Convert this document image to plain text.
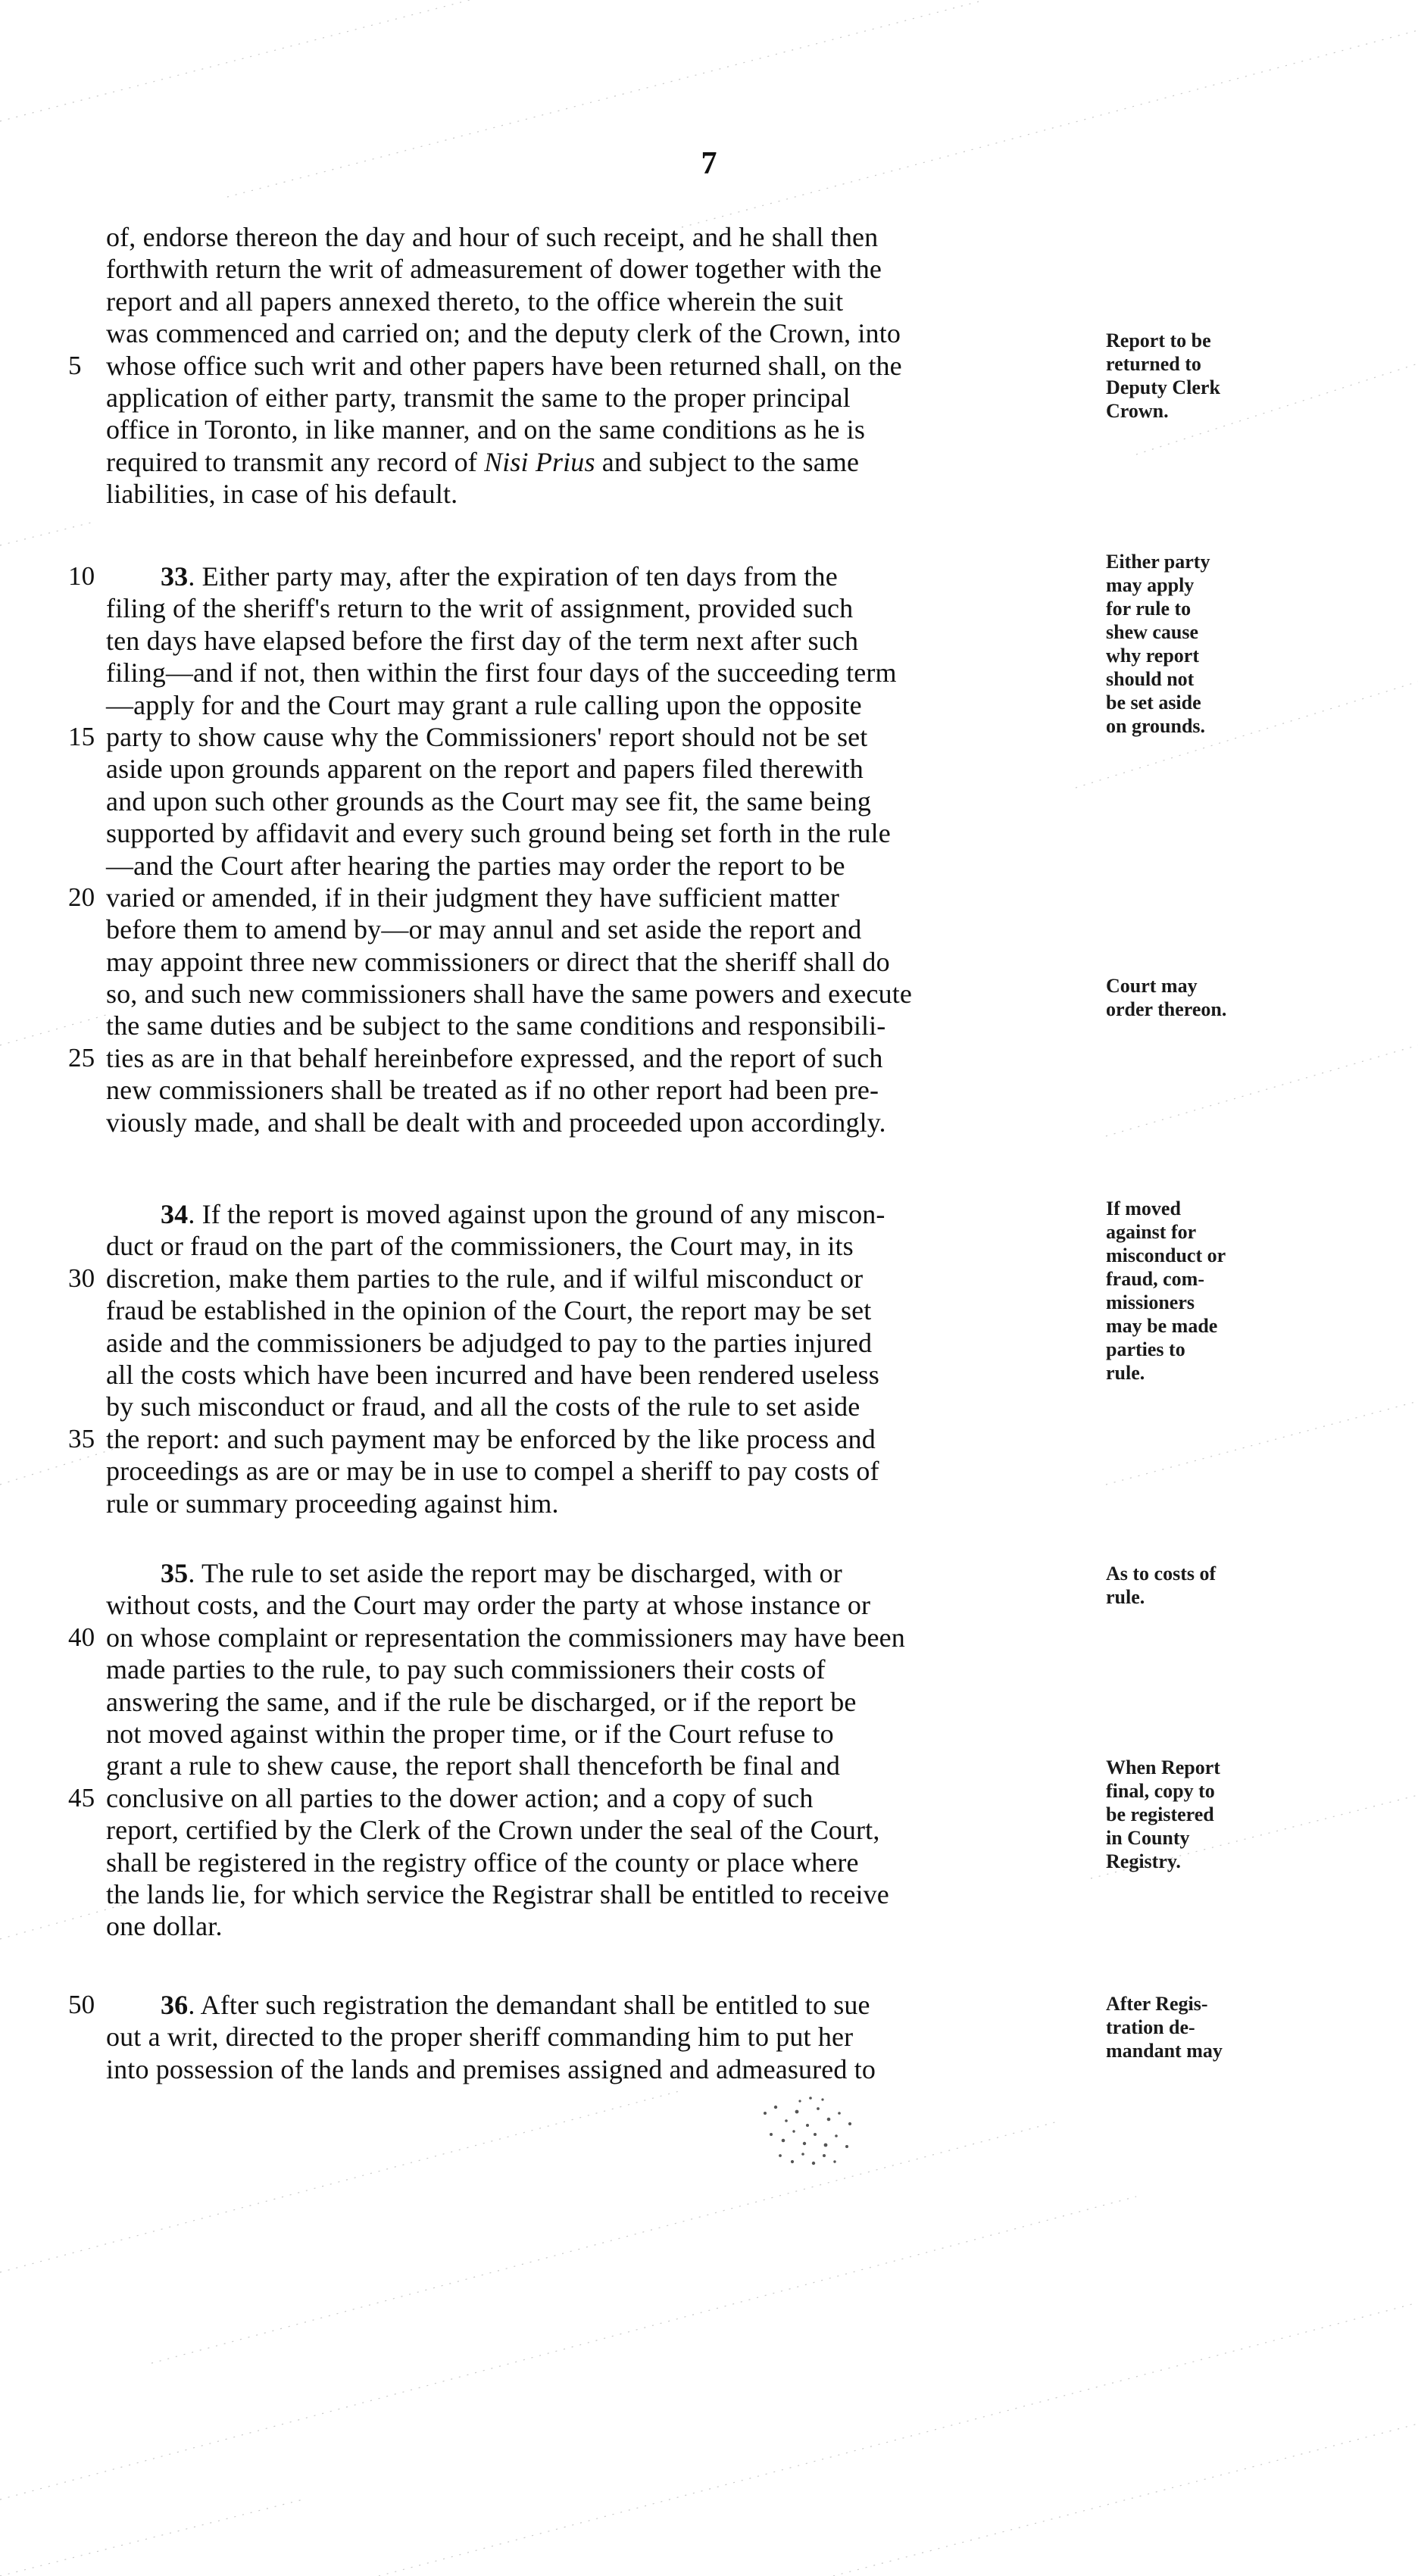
7
of, endorse thereon the day and hour of such receipt, and he shall then
forthwith return the writ of admeasurement of dower together with the
report and all papers annexed thereto, to the office wherein the suit
was commenced and carried on; and the deputy clerk of the Crown, into
5 whose office such writ and other papers have been returned shall, on the
application of either party, transmit the same to the proper principal
office in Toronto, in like manner, and on the same conditions as he is
required to transmit any record of Nisi Prius and subject to the same
liabilities, in case of his default.
10	33. Either party may, after the expiration of ten days from the
filing of the sheriff's return to the writ of assignment, provided such
ten days have elapsed before the first day of the term next after such
filing—and if not, then within the first four days of the succeeding term
—apply for and the Court may grant a rule calling upon the opposite
15 party to show cause why the Commissioners' report should not be set
aside upon grounds apparent on the report and papers filed therewith
and upon such other grounds as the Court may see fit, the same being
supported by affidavit and every such ground being set forth in the rule
—and the Court after hearing the parties may order the report to be
20 varied or amended, if in their judgment they have sufficient matter
before them to amend by—or may annul and set aside the report and
may appoint three new commissioners or direct that the sheriff shall do
so, and such new commissioners shall have the same powers and execute
the same duties and be subject to the same conditions and responsibili-
25 ties as are in that behalf hereinbefore expressed, and the report of such
new commissioners shall be treated as if no other report had been pre-
viously made, and shall be dealt with and proceeded upon accordingly.
34. If the report is moved against upon the ground of any miscon-
duct or fraud on the part of the commissioners, the Court may, in its
30 discretion, make them parties to the rule, and if wilful misconduct or
fraud be established in the opinion of the Court, the report may be set
aside and the commissioners be adjudged to pay to the parties injured
all the costs which have been incurred and have been rendered useless
by such misconduct or fraud, and all the costs of the rule to set aside
35 the report: and such payment may be enforced by the like process and
proceedings as are or may be in use to compel a sheriff to pay costs of
rule or summary proceeding against him.
35. The rule to set aside the report may be discharged, with or
without costs, and the Court may order the party at whose instance or
40 on whose complaint or representation the commissioners may have been
made parties to the rule, to pay such commissioners their costs of
answering the same, and if the rule be discharged, or if the report be
not moved against within the proper time, or if the Court refuse to
grant a rule to shew cause, the report shall thenceforth be final and
45 conclusive on all parties to the dower action; and a copy of such
report, certified by the Clerk of the Crown under the seal of the Court,
shall be registered in the registry office of the county or place where
the lands lie, for which service the Registrar shall be entitled to receive
one dollar.
50	36. After such registration the demandant shall be entitled to sue
out a writ, directed to the proper sheriff commanding him to put her
into possession of the lands and premises assigned and admeasured to
Report to be
returned to
Deputy Clerk
Crown.
Either party
may apply
for rule to
shew cause
why report
should not
be set aside
on grounds.
Court may
order thereon.
If moved
against for
misconduct or
fraud, com-
missioners
may be made
parties to
rule.
As to costs of
rule.
When Report
final, copy to
be registered
in County
Registry.
After Regis-
tration de-
mandant may
